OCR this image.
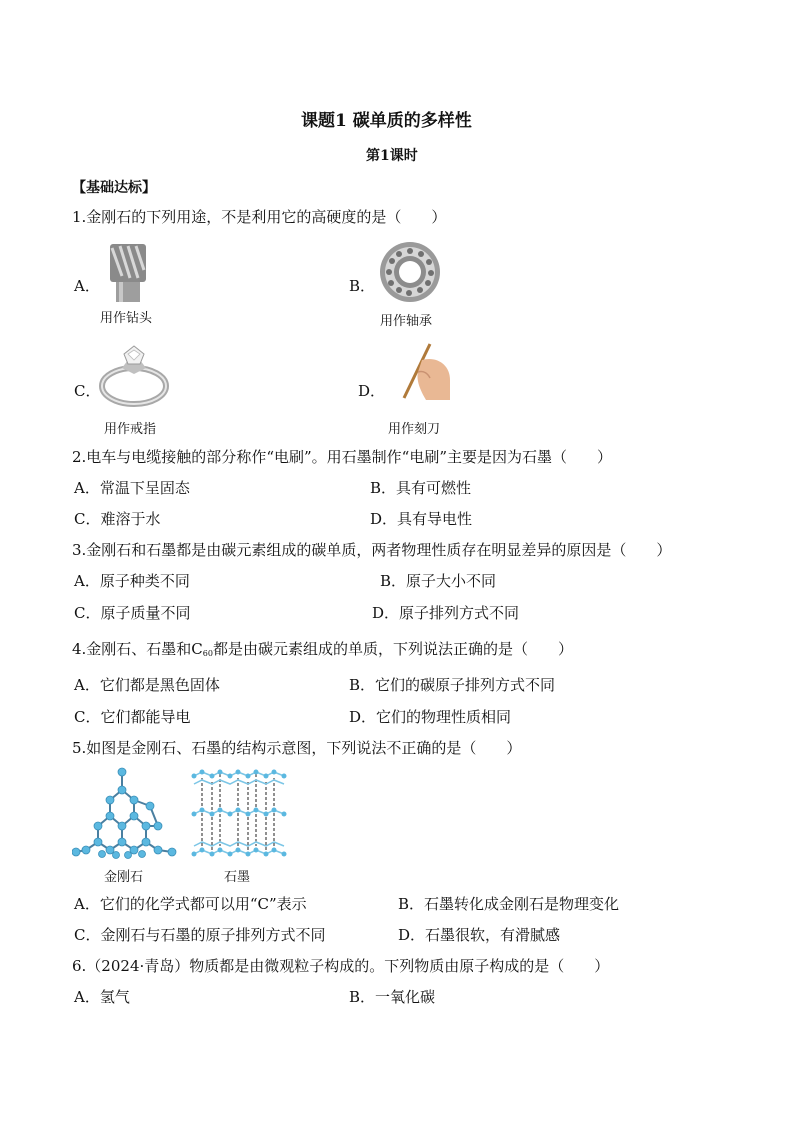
课题1 碳单质的多样性
第1课时
【基础达标】
1.金刚石的下列用途，不是利用它的高硬度的是（　　）
A．
用作钻头
B．
用作轴承
C．
用作戒指
D．
用作刻刀
2.电车与电缆接触的部分称作“电刷”。用石墨制作“电刷”主要是因为石墨（　　）
A．常温下呈固态	B．具有可燃性
C．难溶于水	D．具有导电性
3.金刚石和石墨都是由碳元素组成的碳单质，两者物理性质存在明显差异的原因是（　　）
A．原子种类不同	B．原子大小不同
C．原子质量不同	D．原子排列方式不同
4.金刚石、石墨和C60都是由碳元素组成的单质，下列说法正确的是（　　）
A．它们都是黑色固体	B．它们的碳原子排列方式不同
C．它们都能导电	D．它们的物理性质相同
5.如图是金刚石、石墨的结构示意图，下列说法不正确的是（　　）
金刚石	石墨
A．它们的化学式都可以用“C”表示	B．石墨转化成金刚石是物理变化
C．金刚石与石墨的原子排列方式不同	D．石墨很软，有滑腻感
6.（2024·青岛）物质都是由微观粒子构成的。下列物质由原子构成的是（　　）
A．氢气	B．一氧化碳
